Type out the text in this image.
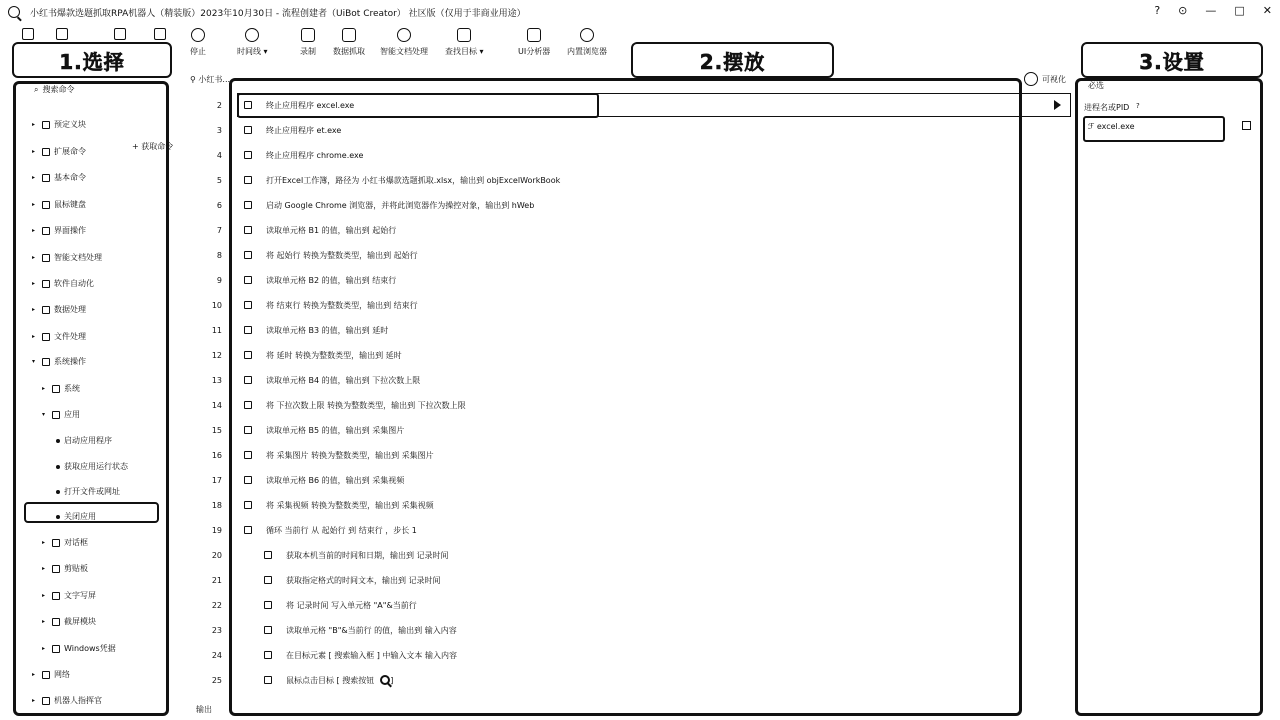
小红书爆款选题抓取RPA机器人（精装版）2023年10月30日 - 流程创建者（UiBot Creator） 社区版（仅用于非商业用途）	? ⊙ — □ ✕
停止	时间线 ▾	录制 数据抓取 智能文档处理 查找目标 ▾	UI分析器 内置浏览器
⌕ 搜索命令
+ 获取命令
▸	预定义块
▸	扩展命令
▸	基本命令
▸	鼠标键盘
▸	界面操作
▸	智能文档处理
▸	软件自动化
▸	数据处理
▸	文件处理
▾	系统操作
▸	系统
▾	应用
启动应用程序
获取应用运行状态
打开文件或网址
关闭应用
▸	对话框
▸	剪贴板
▸	文字写屏
▸	截屏模块
▸	Windows凭据
▸	网络
▸	机器人指挥官
⚲ 小红书...	可视化
2	终止应用程序 excel.exe
3	终止应用程序 et.exe
4	终止应用程序 chrome.exe
5	打开Excel工作簿，路径为 小红书爆款选题抓取.xlsx，输出到 objExcelWorkBook
6	启动 Google Chrome 浏览器，并将此浏览器作为操控对象，输出到 hWeb
7	读取单元格 B1 的值，输出到 起始行
8	将 起始行 转换为整数类型，输出到 起始行
9	读取单元格 B2 的值，输出到 结束行
10	将 结束行 转换为整数类型，输出到 结束行
11	读取单元格 B3 的值，输出到 延时
12	将 延时 转换为整数类型，输出到 延时
13	读取单元格 B4 的值，输出到 下拉次数上限
14	将 下拉次数上限 转换为整数类型，输出到 下拉次数上限
15	读取单元格 B5 的值，输出到 采集图片
16	将 采集图片 转换为整数类型，输出到 采集图片
17	读取单元格 B6 的值，输出到 采集视频
18	将 采集视频 转换为整数类型，输出到 采集视频
19	循环 当前行 从 起始行 到 结束行 ，步长 1
20	获取本机当前的时间和日期，输出到 记录时间
21	获取指定格式的时间文本，输出到 记录时间
22	将 记录时间 写入单元格 "A"&当前行
23	读取单元格 "B"&当前行 的值，输出到 输入内容
24	在目标元素 [ 搜索输入框 ] 中输入文本 输入内容
25	鼠标点击目标 [ 搜索按钮 ]
输出
必选
进程名或PID ?
ℱ excel.exe
1.选择	2.摆放	3.设置
